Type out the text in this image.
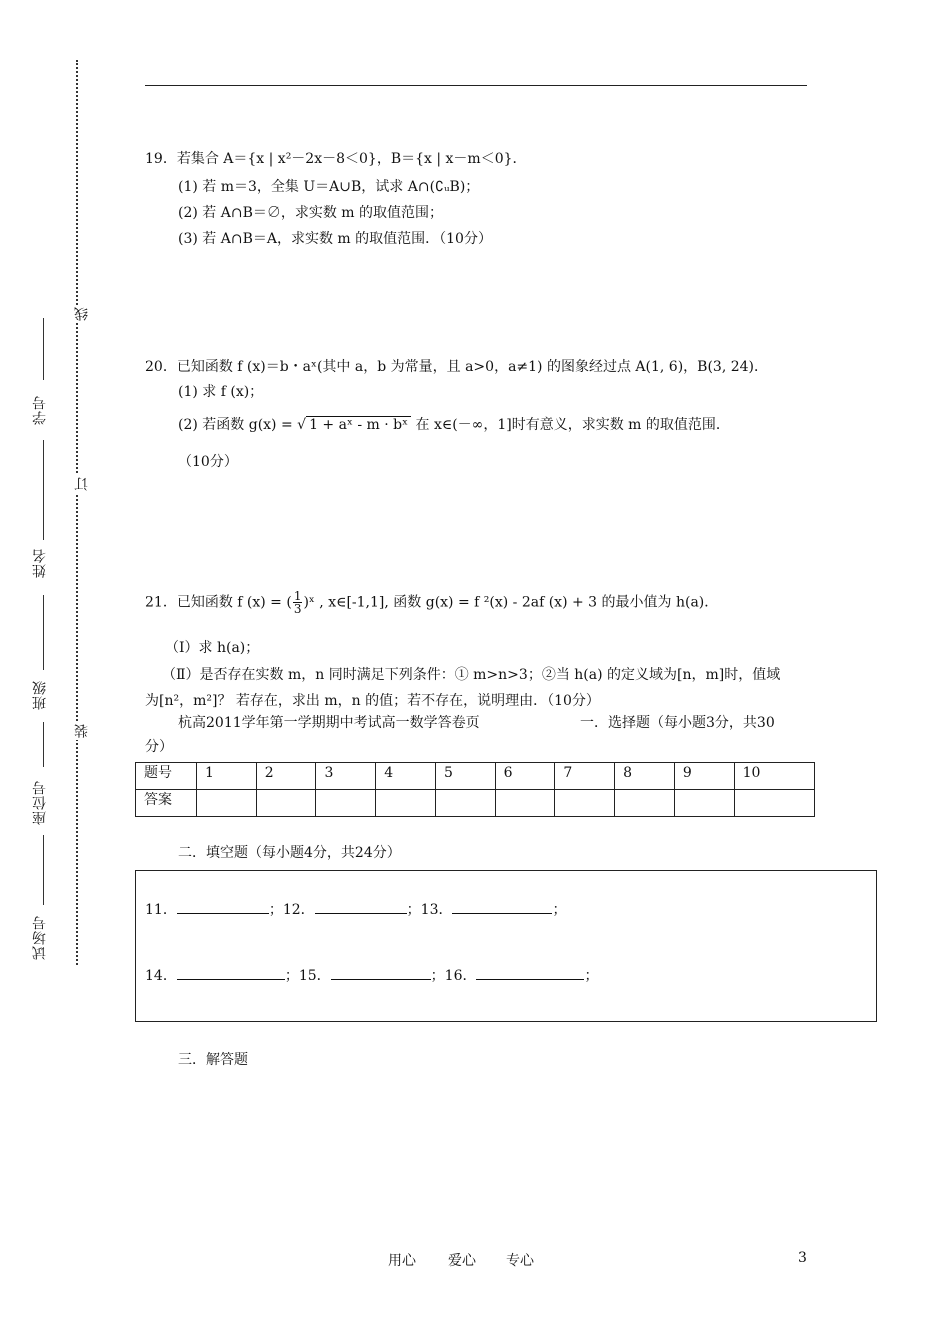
学号
姓名
班级
座位号
试场号
线
订
装
19．若集合 A＝{x | x²－2x－8＜0}，B＝{x | x－m＜0}．
(1) 若 m＝3，全集 U＝A∪B，试求 A∩(∁ᵤB)；
(2) 若 A∩B＝∅，求实数 m 的取值范围；
(3) 若 A∩B＝A，求实数 m 的取值范围．（10分）
20．已知函数 f (x)＝b・aˣ(其中 a，b 为常量，且 a>0，a≠1) 的图象经过点 A(1, 6)，B(3, 24)．
(1) 求 f (x)；
(2) 若函数 g(x) = √ 1 + aˣ - m · bˣ 在 x∈(－∞，1]时有意义，求实数 m 的取值范围．
（10分）
21．已知函数 f (x) = ( $\frac{1}{3}$ )ˣ , x∈[-1,1], 函数 g(x) = f ²(x) - 2af (x) + 3 的最小值为 h(a)．
（Ⅰ）求 h(a)；
（Ⅱ）是否存在实数 m，n 同时满足下列条件：① m>n>3；②当 h(a) 的定义域为[n，m]时，值域
为[n²，m²]？ 若存在，求出 m，n 的值；若不存在，说明理由．（10分）
杭高2011学年第一学期期中考试高一数学答卷页	一．选择题（每小题3分，共30
分）
题号	1	2	3	4	5	6	7	8	9	10
答案										
二．填空题（每小题4分，共24分）
11．	；12．	；13．	；
14．	；15．	；16．	；
三．解答题
用心 爱心 专心	3
